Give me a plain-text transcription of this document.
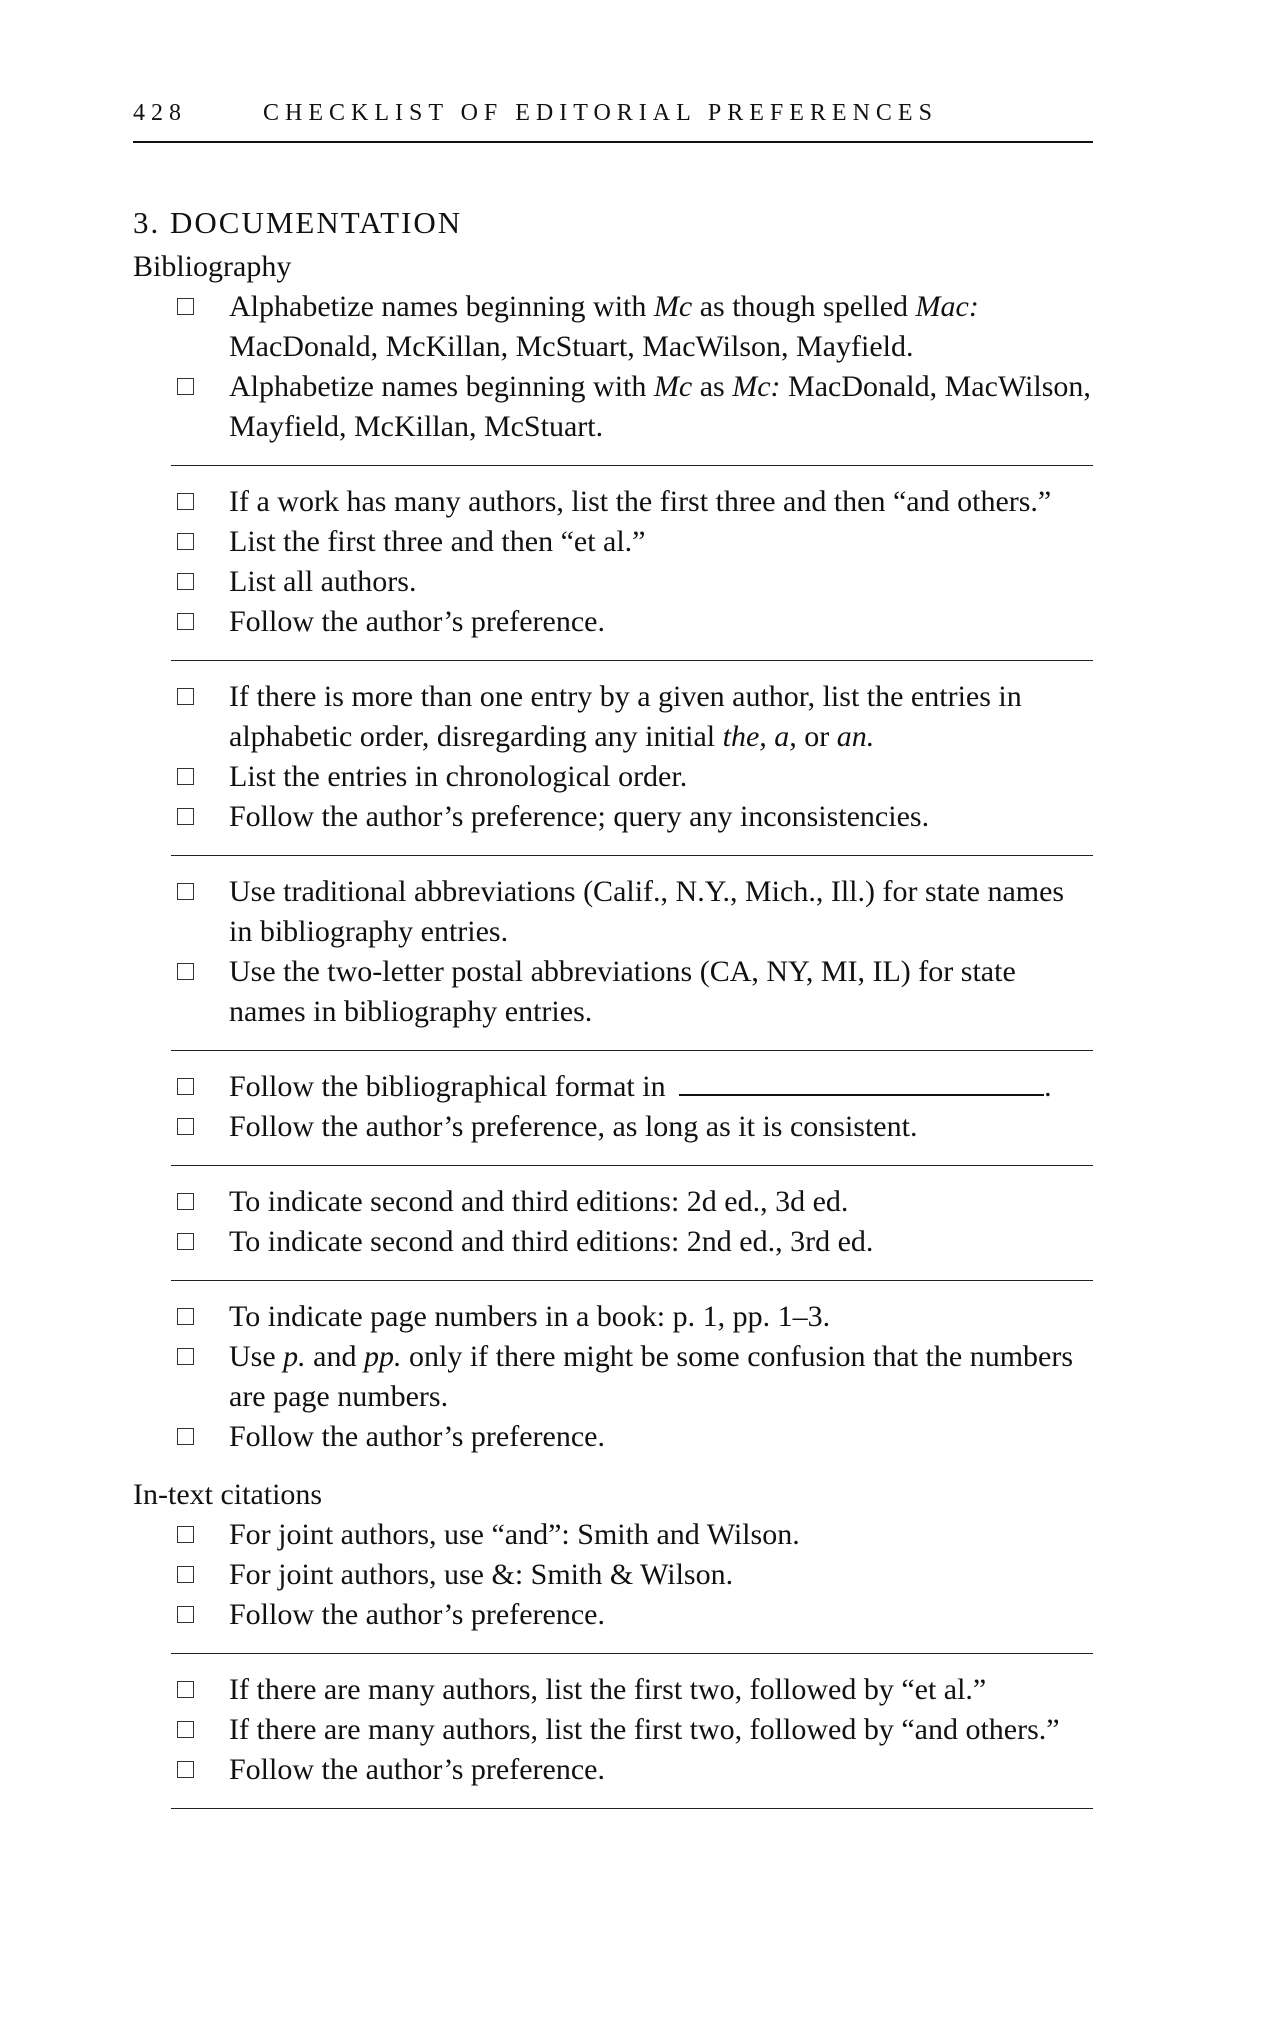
428	CHECKLIST OF EDITORIAL PREFERENCES
3. DOCUMENTATION
Bibliography
Alphabetize names beginning with Mc as though spelled Mac: MacDonald, McKillan, McStuart, MacWilson, Mayfield.
Alphabetize names beginning with Mc as Mc: MacDonald, MacWilson, Mayfield, McKillan, McStuart.
If a work has many authors, list the first three and then “and others.”
List the first three and then “et al.”
List all authors.
Follow the author’s preference.
If there is more than one entry by a given author, list the entries in alphabetic order, disregarding any initial the, a, or an.
List the entries in chronological order.
Follow the author’s preference; query any inconsistencies.
Use traditional abbreviations (Calif., N.Y., Mich., Ill.) for state names in bibliography entries.
Use the two-letter postal abbreviations (CA, NY, MI, IL) for state names in bibliography entries.
Follow the bibliographical format in	.
Follow the author’s preference, as long as it is consistent.
To indicate second and third editions: 2d ed., 3d ed.
To indicate second and third editions: 2nd ed., 3rd ed.
To indicate page numbers in a book: p. 1, pp. 1–3.
Use p. and pp. only if there might be some confusion that the numbers are page numbers.
Follow the author’s preference.
In-text citations
For joint authors, use “and”: Smith and Wilson.
For joint authors, use &: Smith & Wilson.
Follow the author’s preference.
If there are many authors, list the first two, followed by “et al.”
If there are many authors, list the first two, followed by “and others.”
Follow the author’s preference.
